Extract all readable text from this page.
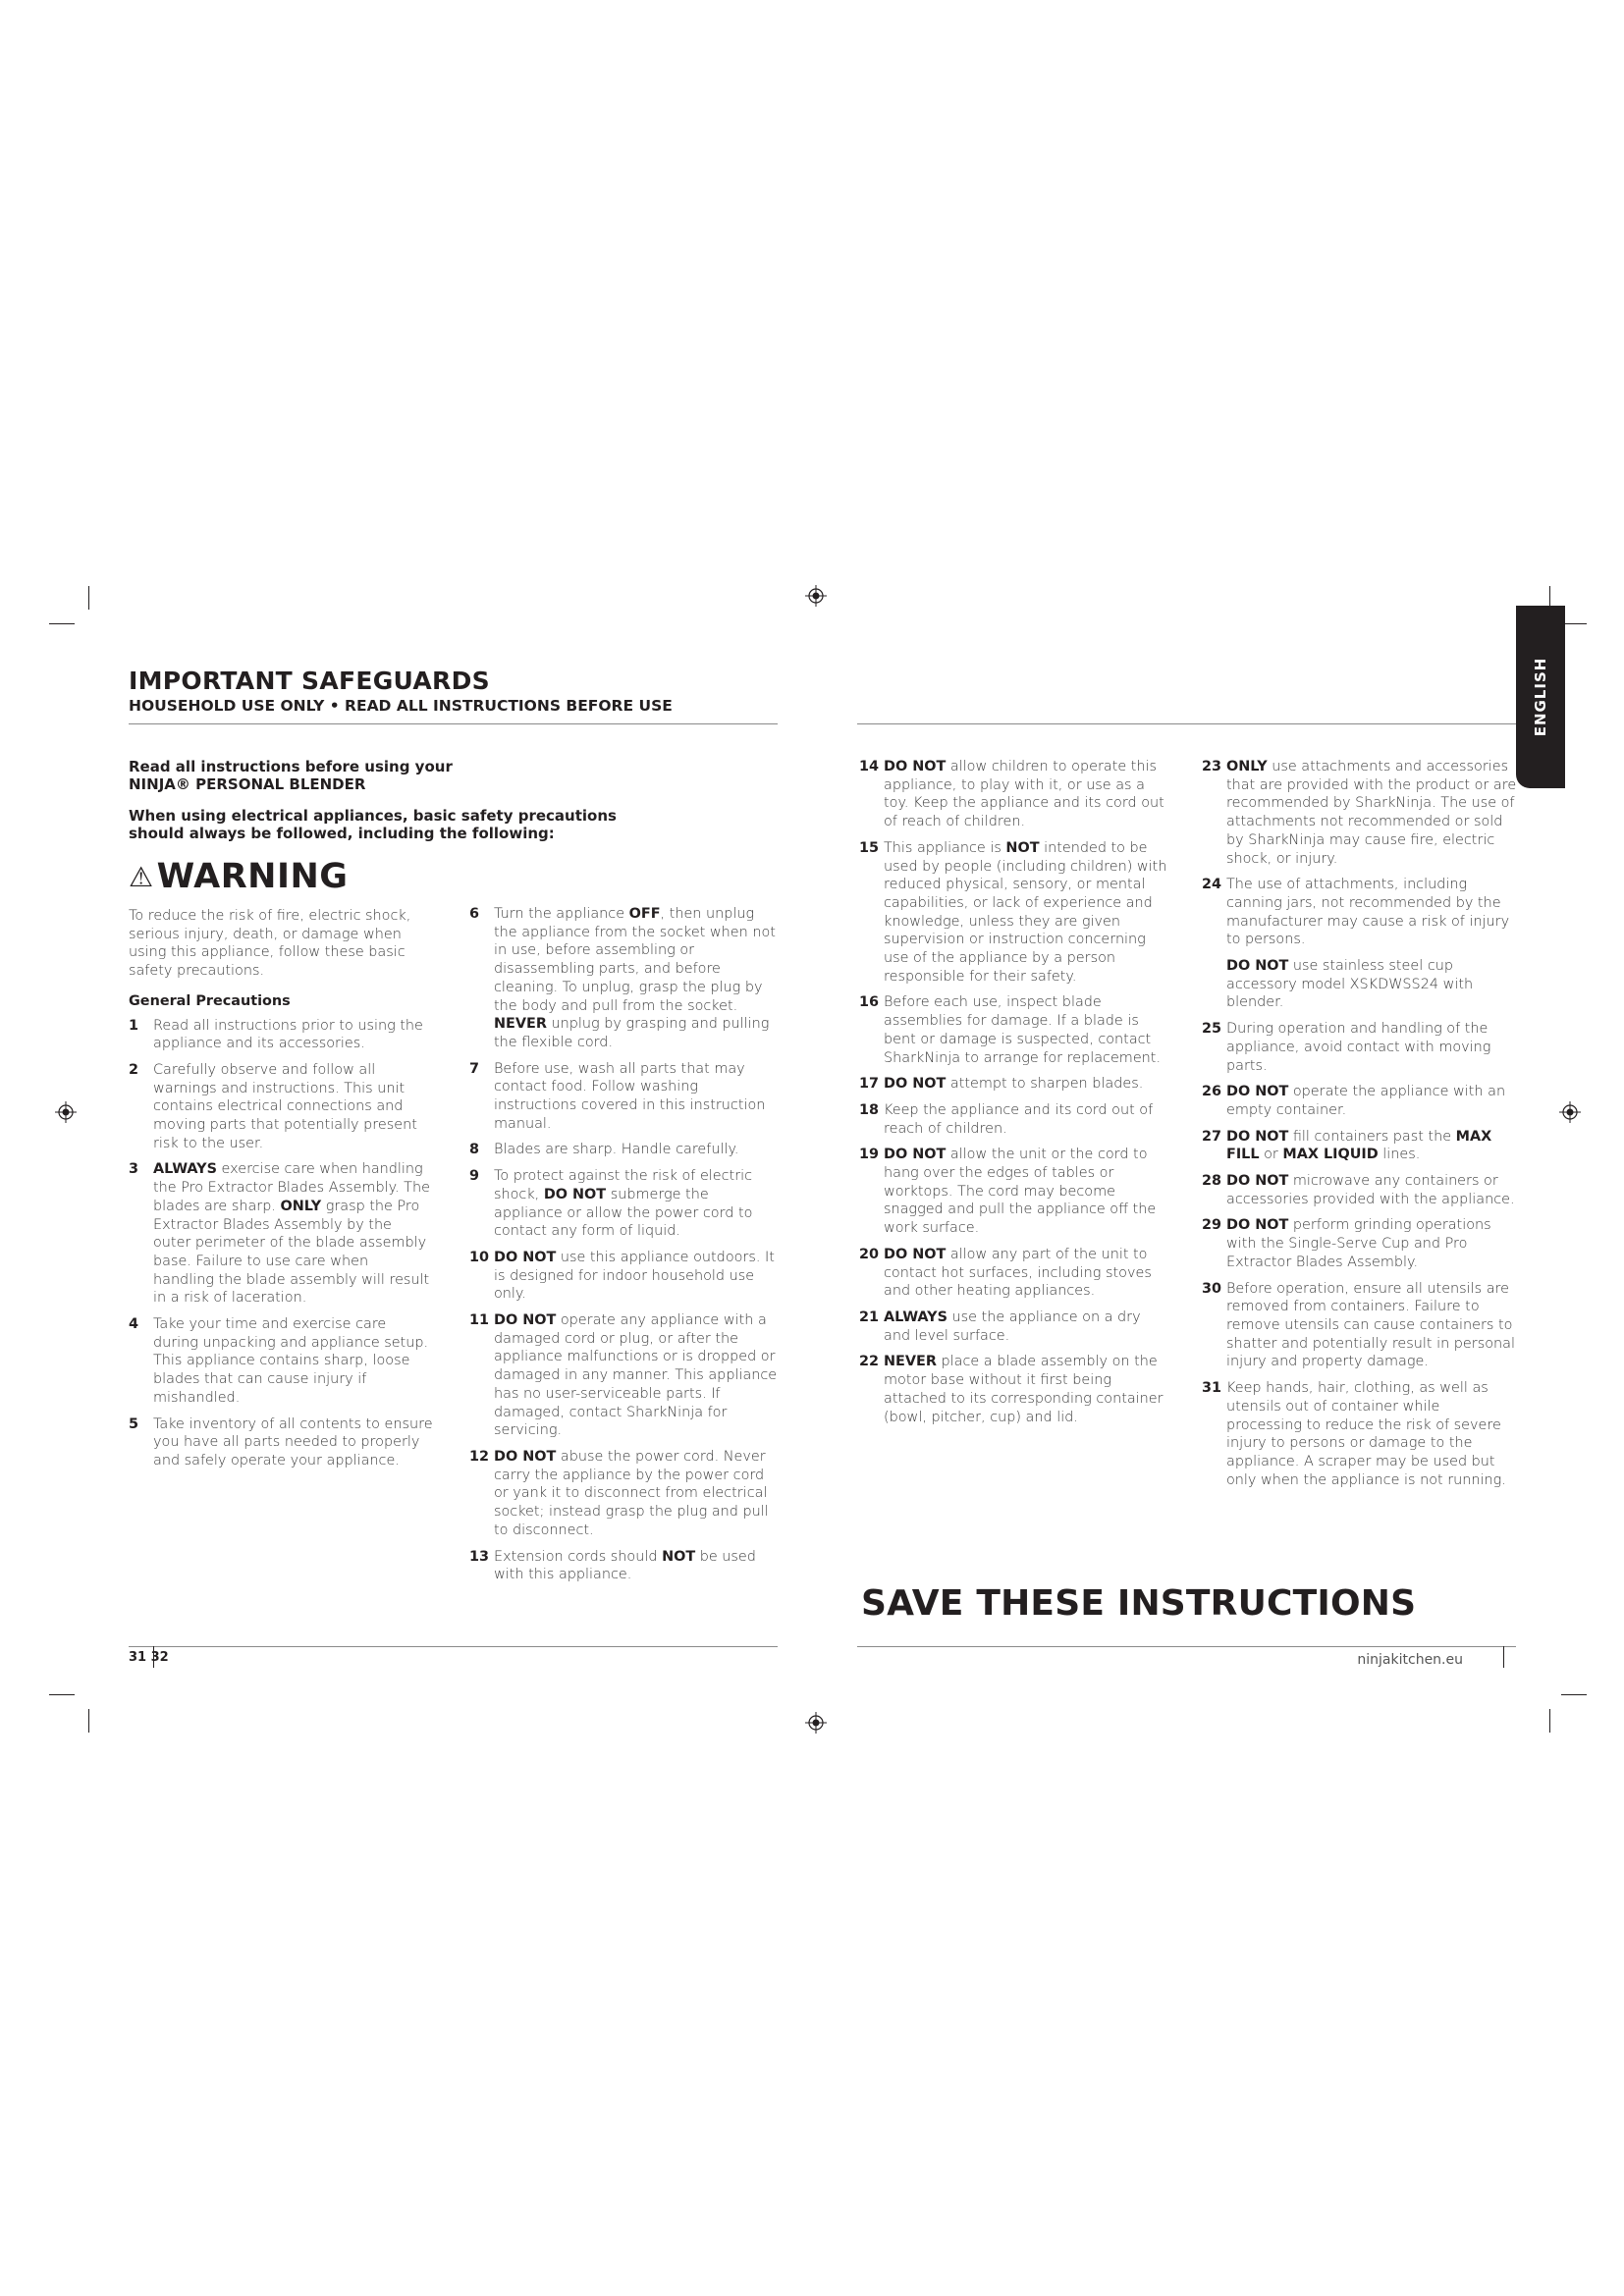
ENGLISH
IMPORTANT SAFEGUARDS
HOUSEHOLD USE ONLY • READ ALL INSTRUCTIONS BEFORE USE
Read all instructions before using your
NINJA® PERSONAL BLENDER
When using electrical appliances, basic safety precautions
should always be followed, including the following:
⚠ WARNING

To reduce the risk of fire, electric shock, serious injury, death, or damage when using this appliance, follow these basic safety precautions.

General Precautions

1 Read all instructions prior to using the appliance and its accessories.

2 Carefully observe and follow all warnings and instructions. This unit contains electrical connections and moving parts that potentially present risk to the user.

3 ALWAYS exercise care when handling the Pro Extractor Blades Assembly. The blades are sharp. ONLY grasp the Pro Extractor Blades Assembly by the outer perimeter of the blade assembly base. Failure to use care when handling the blade assembly will result in a risk of laceration.

4 Take your time and exercise care during unpacking and appliance setup. This appliance contains sharp, loose blades that can cause injury if mishandled.

5 Take inventory of all contents to ensure you have all parts needed to properly and safely operate your appliance.

6 Turn the appliance OFF, then unplug the appliance from the socket when not in use, before assembling or disassembling parts, and before cleaning. To unplug, grasp the plug by the body and pull from the socket. NEVER unplug by grasping and pulling the flexible cord.

7 Before use, wash all parts that may contact food. Follow washing instructions covered in this instruction manual.

8 Blades are sharp. Handle carefully.

9 To protect against the risk of electric shock, DO NOT submerge the appliance or allow the power cord to contact any form of liquid.

10 DO NOT use this appliance outdoors. It is designed for indoor household use only.

11 DO NOT operate any appliance with a damaged cord or plug, or after the appliance malfunctions or is dropped or damaged in any manner. This appliance has no user-serviceable parts. If damaged, contact SharkNinja for servicing.

12 DO NOT abuse the power cord. Never carry the appliance by the power cord or yank it to disconnect from electrical socket; instead grasp the plug and pull to disconnect.

13 Extension cords should NOT be used with this appliance.

14 DO NOT allow children to operate this appliance, to play with it, or use as a toy. Keep the appliance and its cord out of reach of children.

15 This appliance is NOT intended to be used by people (including children) with reduced physical, sensory, or mental capabilities, or lack of experience and knowledge, unless they are given supervision or instruction concerning use of the appliance by a person responsible for their safety.

16 Before each use, inspect blade assemblies for damage. If a blade is bent or damage is suspected, contact SharkNinja to arrange for replacement.

17 DO NOT attempt to sharpen blades.

18 Keep the appliance and its cord out of reach of children.

19 DO NOT allow the unit or the cord to hang over the edges of tables or worktops. The cord may become snagged and pull the appliance off the work surface.

20 DO NOT allow any part of the unit to contact hot surfaces, including stoves and other heating appliances.

21 ALWAYS use the appliance on a dry and level surface.

22 NEVER place a blade assembly on the motor base without it first being attached to its corresponding container (bowl, pitcher, cup) and lid.

23 ONLY use attachments and accessories that are provided with the product or are recommended by SharkNinja. The use of attachments not recommended or sold by SharkNinja may cause fire, electric shock, or injury.

24 The use of attachments, including canning jars, not recommended by the manufacturer may cause a risk of injury to persons.

DO NOT use stainless steel cup accessory model XSKDWSS24 with blender.

25 During operation and handling of the appliance, avoid contact with moving parts.

26 DO NOT operate the appliance with an empty container.

27 DO NOT fill containers past the MAX FILL or MAX LIQUID lines.

28 DO NOT microwave any containers or accessories provided with the appliance.

29 DO NOT perform grinding operations with the Single-Serve Cup and Pro Extractor Blades Assembly.

30 Before operation, ensure all utensils are removed from containers. Failure to remove utensils can cause containers to shatter and potentially result in personal injury and property damage.

31 Keep hands, hair, clothing, as well as utensils out of container while processing to reduce the risk of severe injury to persons or damage to the appliance. A scraper may be used but only when the appliance is not running.

SAVE THESE INSTRUCTIONS
31 32	ninjakitchen.eu
